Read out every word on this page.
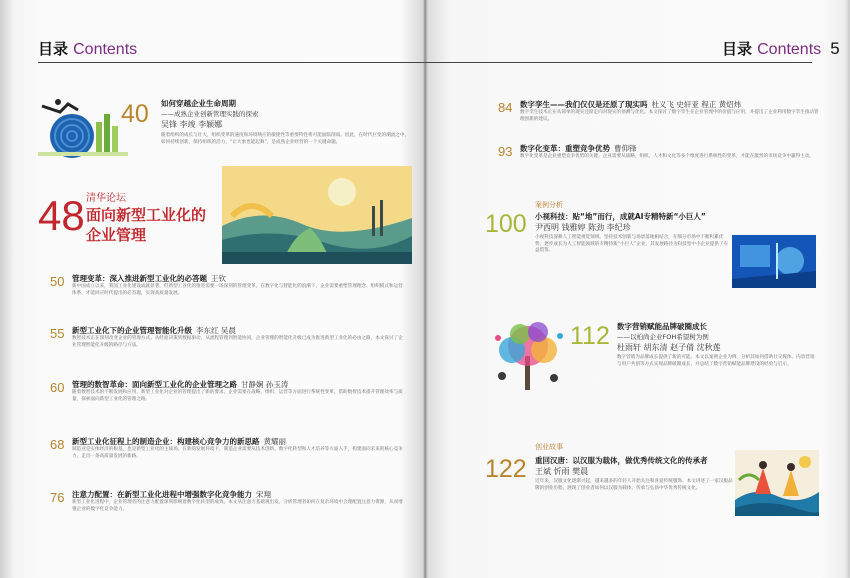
目录 Contents
40 如何穿越企业生命周期
——成熟企业创新管理实践的探索
吴锋 李竣 李颖娜
随着组织的成长与壮大，组织变革的速度和环境响应的敏捷性等重要特性将可能面临削弱。因此，在时代巨变的潮流之中，如何持续创新，保持组织的活力，“让大象也能起舞”，是成熟企业经营的一个关键命题。
48 清华论坛
面向新型工业化的
企业管理
50 管理变革：深入推进新型工业化的必答题 王钦
新中国成立以来，我国工业化建设成就显著，但新型工业化的推进需要一场深刻的管理变革。在数字化与智能化的浪潮下，企业需要重塑管理理念、组织模式和运营体系，才能回应时代提出的必答题，实现高质量发展。
55 新型工业化下的企业管理智能化升级 李东红 吴晨
数智技术正在深刻改变企业的管理方式。从经验决策到数据驱动，从流程管理到智能协同，企业管理的智能化升级已成为推进新型工业化的必由之路，本文探讨了企业管理智能化升级的路径与方法。
60 管理的数智革命：面向新型工业化的企业管理之路 甘静娴 孙玉涛
随着数智技术的不断发展和应用，新型工业化对企业的管理提出了新的要求。企业需要在战略、组织、运营等方面进行系统性变革，借助数智技术提升管理效率与质量，探索面向新型工业化的管理之路。
68 新型工业化征程上的制造企业：构建核心竞争力的新思路 黄耀丽
制造业是实体经济的根基，也是新型工业化的主战场。在新的发展环境下，制造企业需要从技术创新、数字化转型和人才培养等方面入手，构建面向未来的核心竞争力，走出一条高质量发展的新路。
76 注意力配置：在新型工业化进程中增强数字化竞争能力 宋翔
新型工业化进程中，企业管理者的注意力配置深刻影响着数字化转型的成效。本文从注意力基础观出发，分析管理者如何在复杂环境中合理配置注意力资源，从而增强企业的数字化竞争能力。
目录 Contents 5
84 数字孪生——我们仅仅是还原了现实吗 杜义飞 史轩亚 程正 黄炤炜
数字孪生技术正在从简单的现实还原走向对现实的预测与优化。本文探讨了数字孪生在企业管理中的价值与应用，并提出了企业利用数字孪生推动管理创新的建议。
93 数字化变革：重塑竞争优势 曹仰锋
数字化变革是企业重塑竞争优势的关键。企业需要从战略、组织、人才和文化等多个维度进行系统性的变革，才能在激烈的市场竞争中赢得主动。
案例分析
100 小视科技：贴“地”而行，成就AI专精特新“小巨人”
尹西明 钱雅婷 陈劲 李纪珍
小视科技深耕人工智能视觉领域，坚持技术创新与场景落地相结合，在细分市场中不断积累优势，逐步成长为人工智能领域的专精特新“小巨人”企业，其发展路径为科技型中小企业提供了有益借鉴。
112 数字营销赋能品牌破圈成长
——以柏尚企业FOH希望树为例
杜雨轩 胡东清 赵子倩 沈秋莲
数字营销为品牌成长提供了新的可能。本文以案例企业为例，分析其如何借助社交媒体、内容营销与用户共创等方式实现品牌破圈成长，并总结了数字营销赋能品牌建设的经验与启示。
创业故事
122 重回汉唐：以汉服为载体，做优秀传统文化的传承者
王斌 忻雨 樊晨
近年来，汉服文化逐渐兴起，越来越多的年轻人开始关注和喜爱传统服饰。本文讲述了一家汉服品牌的创业历程，展现了创业者如何以汉服为载体，传承与弘扬中华优秀传统文化。
